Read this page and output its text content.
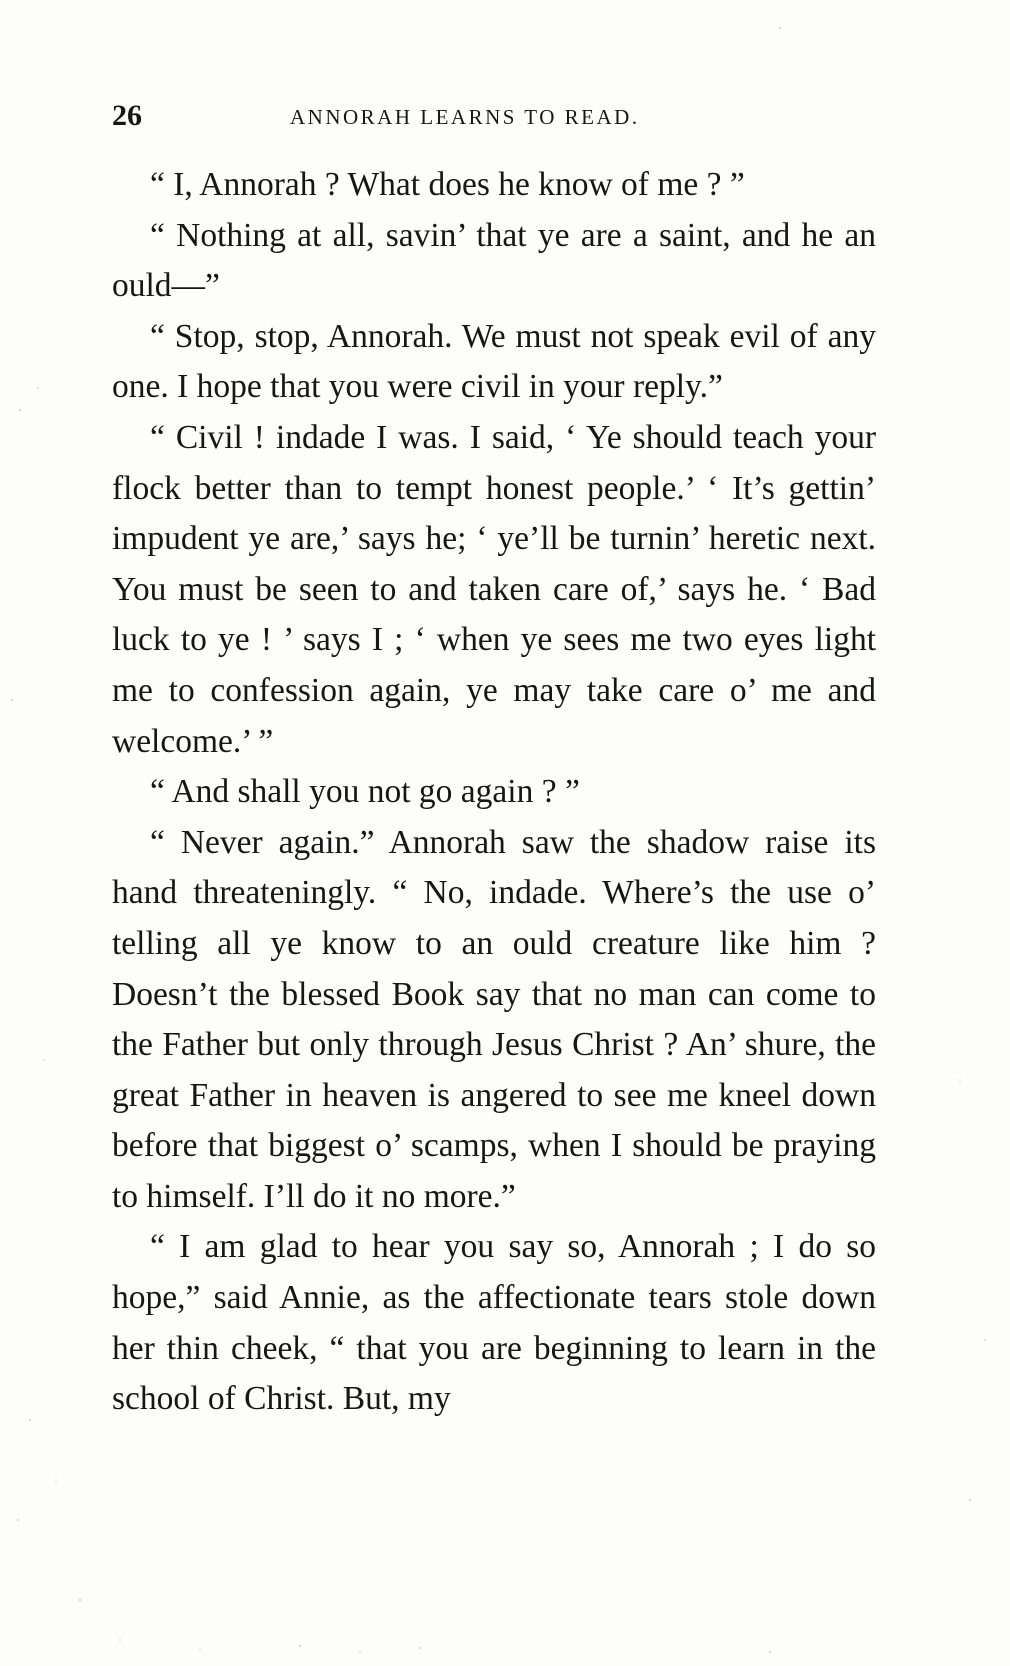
26	ANNORAH LEARNS TO READ.

“ I, Annorah ? What does he know of me ? ”

“ Nothing at all, savin’ that ye are a saint, and he an ould—”

“ Stop, stop, Annorah. We must not speak evil of any one. I hope that you were civil in your reply.”

“ Civil ! indade I was. I said, ‘ Ye should teach your flock better than to tempt honest people.’ ‘ It’s gettin’ impudent ye are,’ says he; ‘ ye’ll be turnin’ heretic next. You must be seen to and taken care of,’ says he. ‘ Bad luck to ye ! ’ says I ; ‘ when ye sees me two eyes light me to confession again, ye may take care o’ me and welcome.’ ”

“ And shall you not go again ? ”

“ Never again.” Annorah saw the shadow raise its hand threateningly. “ No, indade. Where’s the use o’ telling all ye know to an ould creature like him ? Doesn’t the blessed Book say that no man can come to the Father but only through Jesus Christ ? An’ shure, the great Father in heaven is angered to see me kneel down before that biggest o’ scamps, when I should be praying to himself. I’ll do it no more.”

“ I am glad to hear you say so, Annorah ; I do so hope,” said Annie, as the affectionate tears stole down her thin cheek, “ that you are beginning to learn in the school of Christ. But, my
